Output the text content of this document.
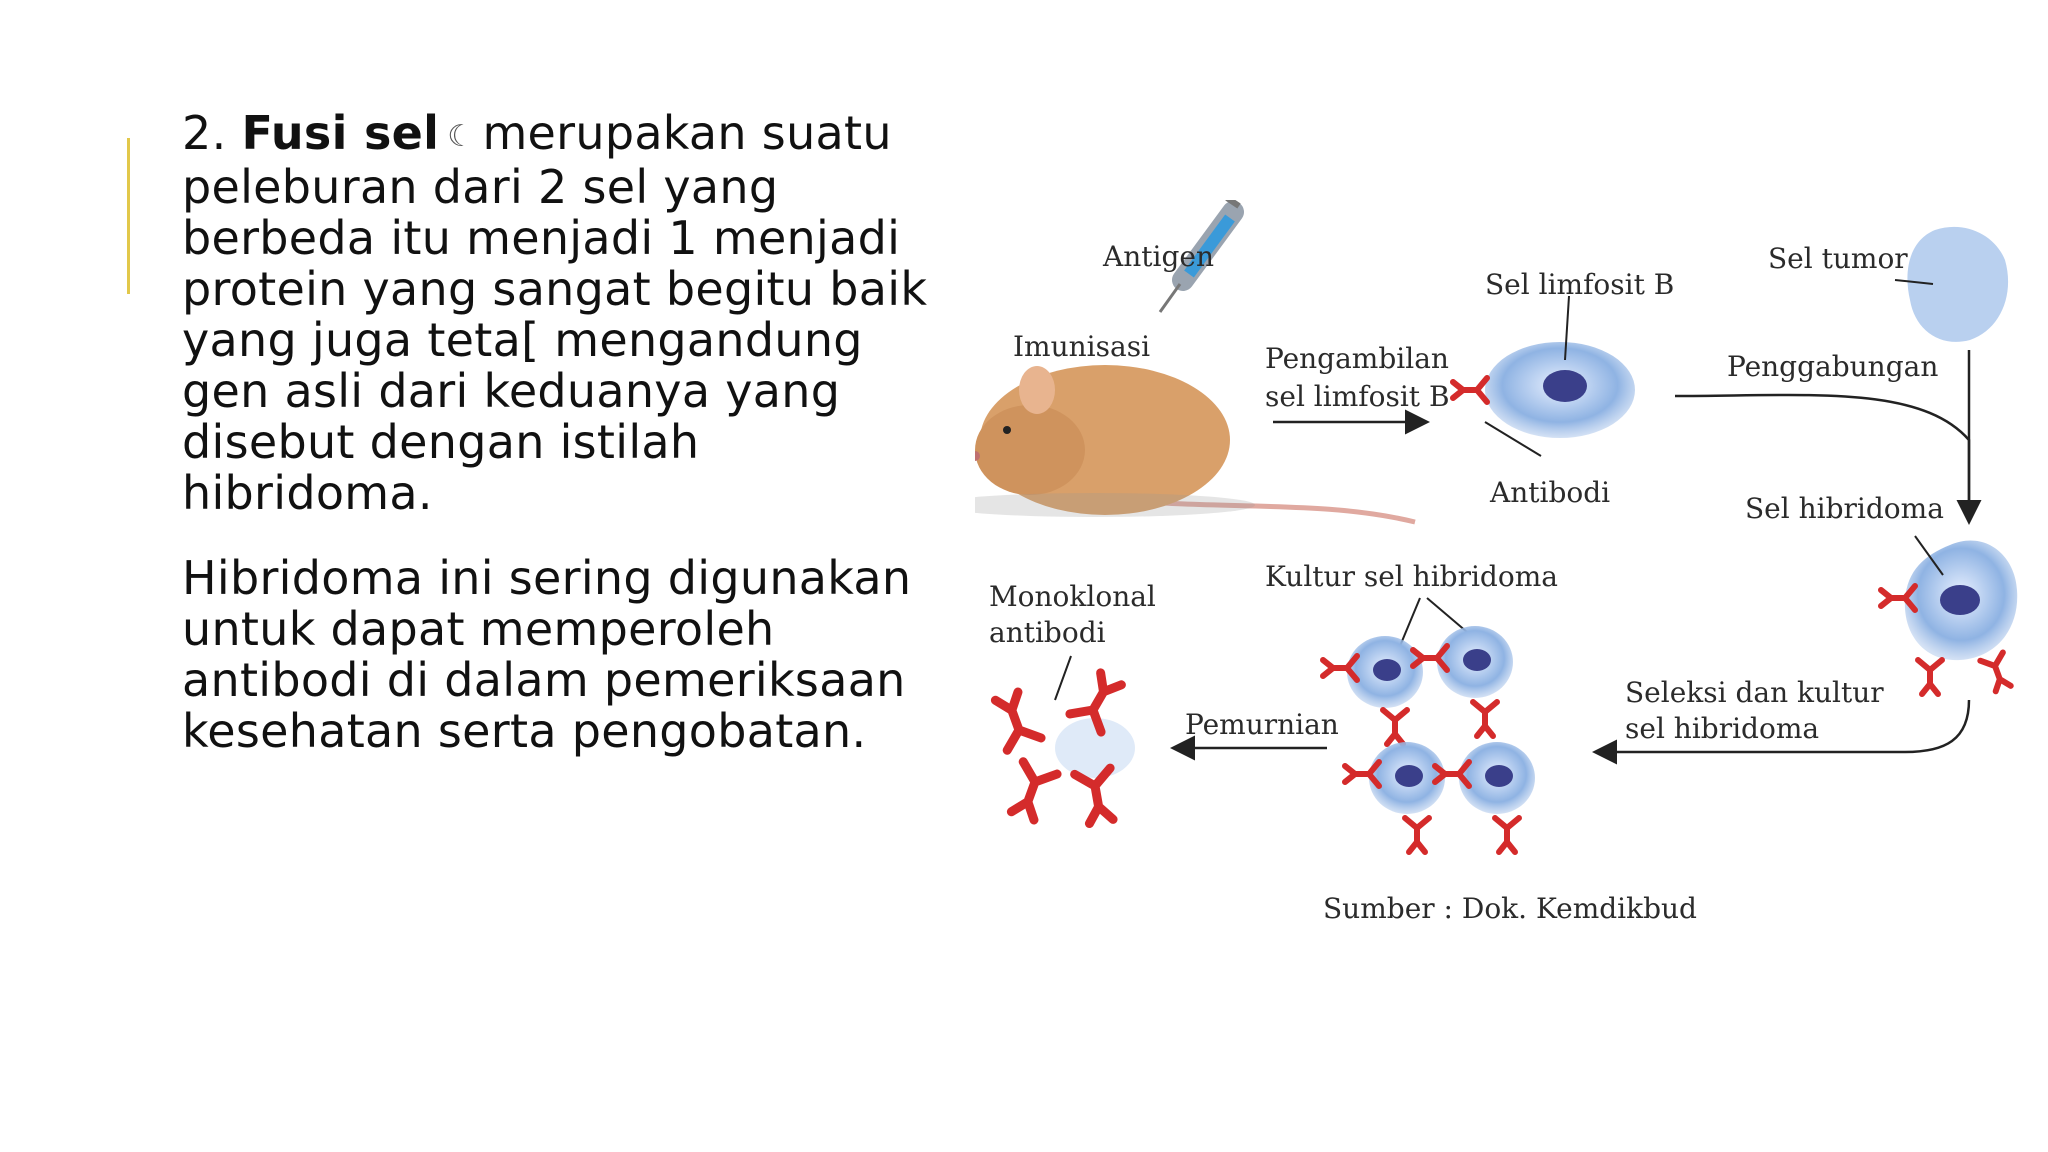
2. Fusi sel ☾ merupakan suatu peleburan dari 2 sel yang berbeda itu menjadi 1 menjadi protein yang sangat begitu baik yang juga teta[ mengandung gen asli dari keduanya yang disebut dengan istilah hibridoma.

Hibridoma ini sering digunakan untuk dapat memperoleh antibodi di dalam pemeriksaan kesehatan serta pengobatan.

Antigen
Imunisasi	Pengambilan
sel limfosit B
Sel limfosit B
Antibodi
Sel tumor
Penggabungan
Sel hibridoma
Seleksi dan kultur
sel hibridoma
Kultur sel hibridoma
Pemurnian
Monoklonal
antibodi
Sumber : Dok. Kemdikbud
